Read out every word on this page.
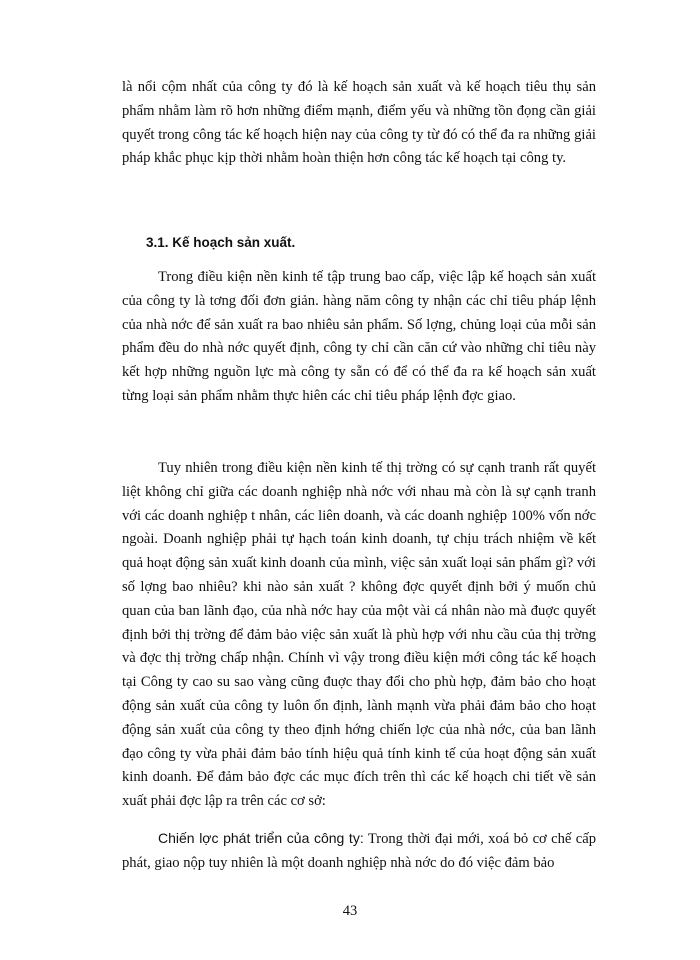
là nổi cộm nhất của công ty đó là kế hoạch sản xuất và kế hoạch tiêu thụ sản phẩm nhằm làm rõ hơn những điểm mạnh, điểm yếu và những tồn đọng cần giải quyết trong công tác kế hoạch hiện nay của công ty từ đó có thể đa ra những giải pháp khắc phục kịp thời nhằm hoàn thiện hơn công tác kế hoạch tại công ty.

3.1. Kế hoạch sản xuất.

Trong điều kiện nền kinh tế tập trung bao cấp, việc lập kế hoạch sản xuất của công ty là tơng đối đơn giản. hàng năm công ty nhận các chỉ tiêu pháp lệnh của nhà nớc để sản xuất ra bao nhiêu sản phẩm. Số lợng, chủng loại của mỗi sản phẩm đều do nhà nớc quyết định, công ty chỉ cần căn cứ vào những chỉ tiêu này kết hợp những nguồn lực mà công ty sẵn có để có thể đa ra kế hoạch sản xuất từng loại sản phẩm nhằm thực hiên các chỉ tiêu pháp lệnh đợc giao.

Tuy nhiên trong điều kiện nền kinh tế thị trờng có sự cạnh tranh rất quyết liệt không chỉ giữa các doanh nghiệp nhà nớc với nhau mà còn là sự cạnh tranh với các doanh nghiệp t nhân, các liên doanh, và các doanh nghiệp 100% vốn nớc ngoài. Doanh nghiệp phải tự hạch toán kinh doanh, tự chịu trách nhiệm về kết quả hoạt động sản xuất kinh doanh của mình, việc sản xuất loại sản phẩm gì? với số lợng bao nhiêu? khi nào sản xuất ? không đợc quyết định bởi ý muốn chủ quan của ban lãnh đạo, của nhà nớc hay của một vài cá nhân nào mà đuợc quyết định bởi thị trờng để đảm bảo việc sản xuất là phù hợp với nhu cầu của thị trờng và đợc thị trờng chấp nhận. Chính vì vậy trong điều kiện mới công tác kế hoạch tại Công ty cao su sao vàng cũng đuợc thay đổi cho phù hợp, đảm bảo cho hoạt động sản xuất của công ty luôn ổn định, lành mạnh vừa phải đảm bảo cho hoạt động sản xuất của công ty theo định hớng chiến lợc của nhà nớc, của ban lãnh đạo công ty vừa phải đảm bảo tính hiệu quả tính kinh tế của hoạt động sản xuất kinh doanh. Để đảm bảo đợc các mục đích trên thì các kế hoạch chi tiết về sản xuất phải đợc lập ra trên các cơ sở:

Chiến lợc phát triển của công ty: Trong thời đại mới, xoá bỏ cơ chế cấp phát, giao nộp tuy nhiên là một doanh nghiệp nhà nớc do đó việc đảm bảo

43
